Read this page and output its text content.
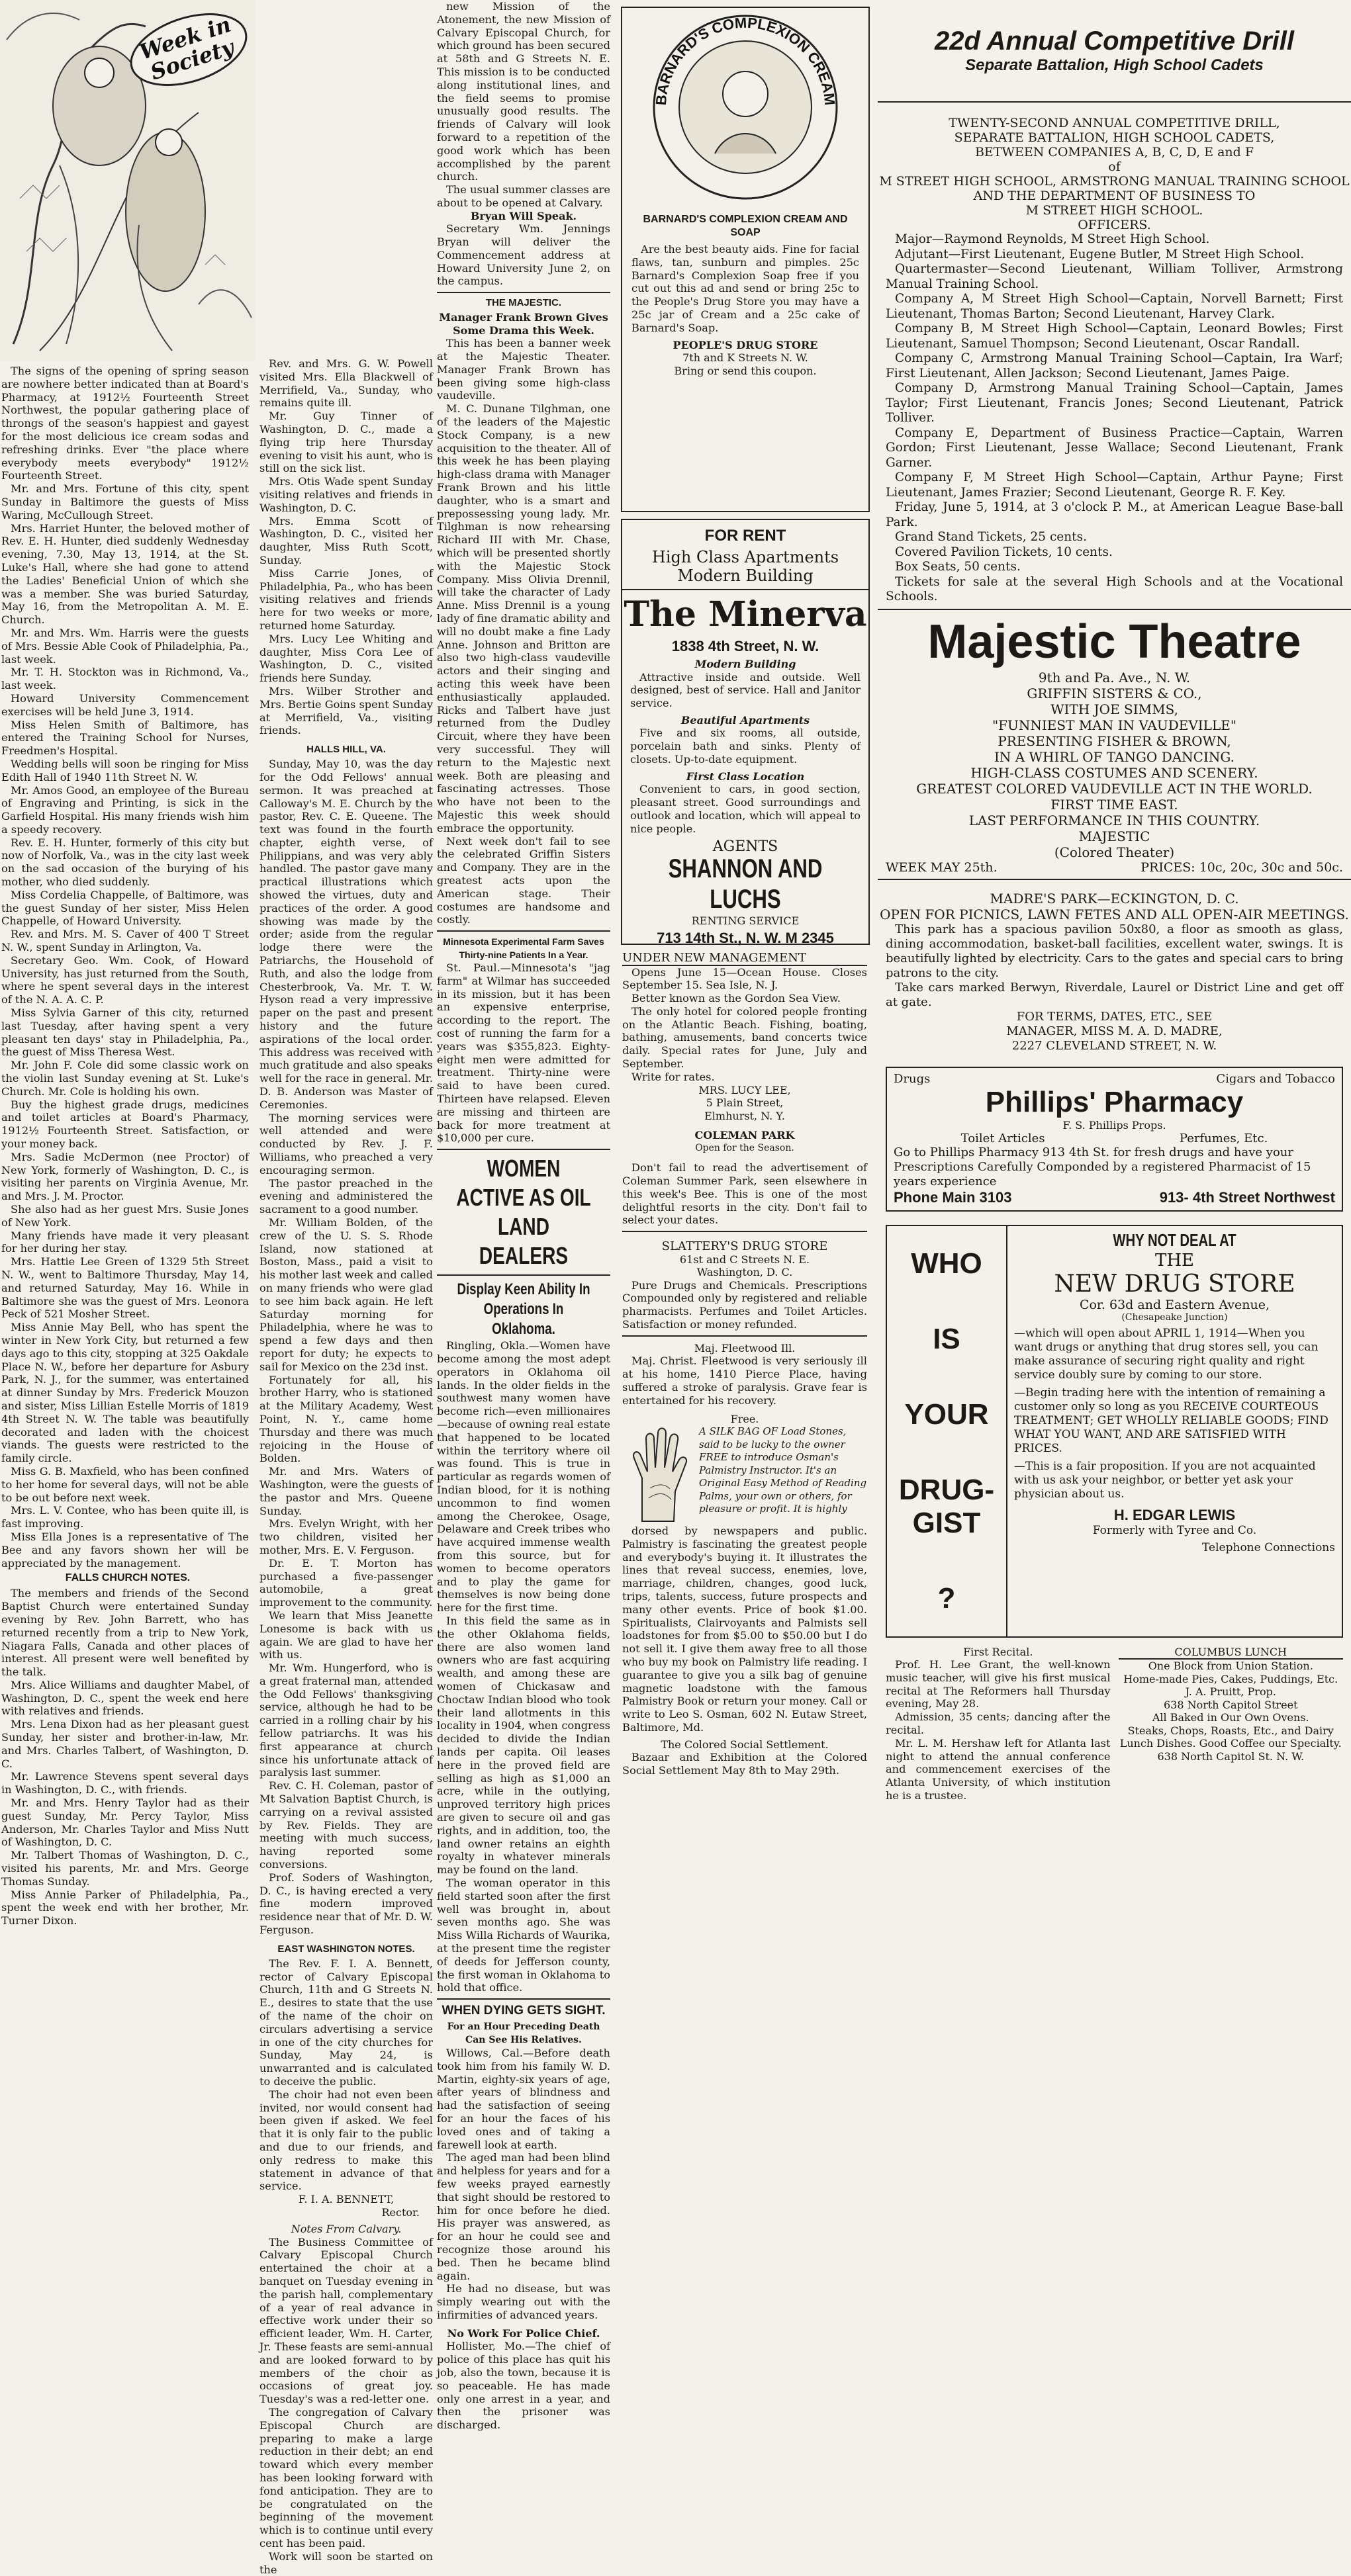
Week in Society

The signs of the opening of spring season are nowhere better indicated than at Board's Pharmacy, at 1912½ Fourteenth Street Northwest, the popular gathering place of throngs of the season's happiest and gayest for the most delicious ice cream sodas and refreshing drinks. Ever "the place where everybody meets everybody" 1912½ Fourteenth Street.

Mr. and Mrs. Fortune of this city, spent Sunday in Baltimore the guests of Miss Waring, McCullough Street.

Mrs. Harriet Hunter, the beloved mother of Rev. E. H. Hunter, died suddenly Wednesday evening, 7.30, May 13, 1914, at the St. Luke's Hall, where she had gone to attend the Ladies' Beneficial Union of which she was a member. She was buried Saturday, May 16, from the Metropolitan A. M. E. Church.

Mr. and Mrs. Wm. Harris were the guests of Mrs. Bessie Able Cook of Philadelphia, Pa., last week.

Mr. T. H. Stockton was in Richmond, Va., last week.

Howard University Commencement exercises will be held June 3, 1914.

Miss Helen Smith of Baltimore, has entered the Training School for Nurses, Freedmen's Hospital.

Wedding bells will soon be ringing for Miss Edith Hall of 1940 11th Street N. W.

Mr. Amos Good, an employee of the Bureau of Engraving and Printing, is sick in the Garfield Hospital. His many friends wish him a speedy recovery.

Rev. E. H. Hunter, formerly of this city but now of Norfolk, Va., was in the city last week on the sad occasion of the burying of his mother, who died suddenly.

Miss Cordelia Chappelle, of Baltimore, was the guest Sunday of her sister, Miss Helen Chappelle, of Howard University.

Rev. and Mrs. M. S. Caver of 400 T Street N. W., spent Sunday in Arlington, Va.

Secretary Geo. Wm. Cook, of Howard University, has just returned from the South, where he spent several days in the interest of the N. A. A. C. P.

Miss Sylvia Garner of this city, returned last Tuesday, after having spent a very pleasant ten days' stay in Philadelphia, Pa., the guest of Miss Theresa West.

Mr. John F. Cole did some classic work on the violin last Sunday evening at St. Luke's Church. Mr. Cole is holding his own.

Buy the highest grade drugs, medicines and toilet articles at Board's Pharmacy, 1912½ Fourteenth Street. Satisfaction, or your money back.

Mrs. Sadie McDermon (nee Proctor) of New York, formerly of Washington, D. C., is visiting her parents on Virginia Avenue, Mr. and Mrs. J. M. Proctor.

She also had as her guest Mrs. Susie Jones of New York.

Many friends have made it very pleasant for her during her stay.

Mrs. Hattie Lee Green of 1329 5th Street N. W., went to Baltimore Thursday, May 14, and returned Saturday, May 16. While in Baltimore she was the guest of Mrs. Leonora Peck of 521 Mosher Street.

Miss Annie May Bell, who has spent the winter in New York City, but returned a few days ago to this city, stopping at 325 Oakdale Place N. W., before her departure for Asbury Park, N. J., for the summer, was entertained at dinner Sunday by Mrs. Frederick Mouzon and sister, Miss Lillian Estelle Morris of 1819 4th Street N. W. The table was beautifully decorated and laden with the choicest viands. The guests were restricted to the family circle.

Miss G. B. Maxfield, who has been confined to her home for several days, will not be able to be out before next week.

Mrs. L. V. Contee, who has been quite ill, is fast improving.

Miss Ella Jones is a representative of The Bee and any favors shown her will be appreciated by the management.

FALLS CHURCH NOTES.

The members and friends of the Second Baptist Church were entertained Sunday evening by Rev. John Barrett, who has returned recently from a trip to New York, Niagara Falls, Canada and other places of interest. All present were well benefited by the talk.

Mrs. Alice Williams and daughter Mabel, of Washington, D. C., spent the week end here with relatives and friends.

Mrs. Lena Dixon had as her pleasant guest Sunday, her sister and brother-in-law, Mr. and Mrs. Charles Talbert, of Washington, D. C.

Mr. Lawrence Stevens spent several days in Washington, D. C., with friends.

Mr. and Mrs. Henry Taylor had as their guest Sunday, Mr. Percy Taylor, Miss Anderson, Mr. Charles Taylor and Miss Nutt of Washington, D. C.

Mr. Talbert Thomas of Washington, D. C., visited his parents, Mr. and Mrs. George Thomas Sunday.

Miss Annie Parker of Philadelphia, Pa., spent the week end with her brother, Mr. Turner Dixon.

Rev. and Mrs. G. W. Powell visited Mrs. Ella Blackwell of Merrifield, Va., Sunday, who remains quite ill.

Mr. Guy Tinner of Washington, D. C., made a flying trip here Thursday evening to visit his aunt, who is still on the sick list.

Mrs. Otis Wade spent Sunday visiting relatives and friends in Washington, D. C.

Mrs. Emma Scott of Washington, D. C., visited her daughter, Miss Ruth Scott, Sunday.

Miss Carrie Jones, of Philadelphia, Pa., who has been visiting relatives and friends here for two weeks or more, returned home Saturday.

Mrs. Lucy Lee Whiting and daughter, Miss Cora Lee of Washington, D. C., visited friends here Sunday.

Mrs. Wilber Strother and Mrs. Bertie Goins spent Sunday at Merrifield, Va., visiting friends.

HALLS HILL, VA.

Sunday, May 10, was the day for the Odd Fellows' annual sermon. It was preached at Calloway's M. E. Church by the pastor, Rev. C. E. Queene. The text was found in the fourth chapter, eighth verse, of Philippians, and was very ably handled. The pastor gave many practical illustrations which showed the virtues, duty and practices of the order. A good showing was made by the order; aside from the regular lodge there were the Patriarchs, the Household of Ruth, and also the lodge from Chesterbrook, Va. Mr. T. W. Hyson read a very impressive paper on the past and present history and the future aspirations of the local order. This address was received with much gratitude and also speaks well for the race in general. Mr. D. B. Anderson was Master of Ceremonies.

The morning services were well attended and were conducted by Rev. J. F. Williams, who preached a very encouraging sermon.

The pastor preached in the evening and administered the sacrament to a good number.

Mr. William Bolden, of the crew of the U. S. S. Rhode Island, now stationed at Boston, Mass., paid a visit to his mother last week and called on many friends who were glad to see him back again. He left Saturday morning for Philadelphia, where he was to spend a few days and then report for duty; he expects to sail for Mexico on the 23d inst.

Fortunately for all, his brother Harry, who is stationed at the Military Academy, West Point, N. Y., came home Thursday and there was much rejoicing in the House of Bolden.

Mr. and Mrs. Waters of Washington, were the guests of the pastor and Mrs. Queene Sunday.

Mrs. Evelyn Wright, with her two children, visited her mother, Mrs. E. V. Ferguson.

Dr. E. T. Morton has purchased a five-passenger automobile, a great improvement to the community.

We learn that Miss Jeanette Lonesome is back with us again. We are glad to have her with us.

Mr. Wm. Hungerford, who is a great fraternal man, attended the Odd Fellows' thanksgiving service, although he had to be carried in a rolling chair by his fellow patriarchs. It was his first appearance at church since his unfortunate attack of paralysis last summer.

Rev. C. H. Coleman, pastor of Mt Salvation Baptist Church, is carrying on a revival assisted by Rev. Fields. They are meeting with much success, having reported some conversions.

Prof. Soders of Washington, D. C., is having erected a very fine modern improved residence near that of Mr. D. W. Ferguson.

EAST WASHINGTON NOTES.

The Rev. F. I. A. Bennett, rector of Calvary Episcopal Church, 11th and G Streets N. E., desires to state that the use of the name of the choir on circulars advertising a service in one of the city churches for Sunday, May 24, is unwarranted and is calculated to deceive the public.

The choir had not even been invited, nor would consent had been given if asked. We feel that it is only fair to the public and due to our friends, and only redress to make this statement in advance of that service.

F. I. A. BENNETT,
Rector.
Notes From Calvary.

The Business Committee of Calvary Episcopal Church entertained the choir at a banquet on Tuesday evening in the parish hall, complementary of a year of real advance in effective work under their so efficient leader, Wm. H. Carter, Jr. These feasts are semi-annual and are looked forward to by members of the choir as occasions of great joy. Tuesday's was a red-letter one.

The congregation of Calvary Episcopal Church are preparing to make a large reduction in their debt; an end toward which every member has been looking forward with fond anticipation. They are to be congratulated on the beginning of the movement which is to continue until every cent has been paid.

Work will soon be started on the

new Mission of the Atonement, the new Mission of Calvary Episcopal Church, for which ground has been secured at 58th and G Streets N. E. This mission is to be conducted along institutional lines, and the field seems to promise unusually good results. The friends of Calvary will look forward to a repetition of the good work which has been accomplished by the parent church.

The usual summer classes are about to be opened at Calvary.

Bryan Will Speak.

Secretary Wm. Jennings Bryan will deliver the Commencement address at Howard University June 2, on the campus.

THE MAJESTIC.
Manager Frank Brown Gives Some Drama this Week.

This has been a banner week at the Majestic Theater. Manager Frank Brown has been giving some high-class vaudeville.

M. C. Dunane Tilghman, one of the leaders of the Majestic Stock Company, is a new acquisition to the theater. All of this week he has been playing high-class drama with Manager Frank Brown and his little daughter, who is a smart and prepossessing young lady. Mr. Tilghman is now rehearsing Richard III with Mr. Chase, which will be presented shortly with the Majestic Stock Company. Miss Olivia Drennil, will take the character of Lady Anne. Miss Drennil is a young lady of fine dramatic ability and will no doubt make a fine Lady Anne. Johnson and Britton are also two high-class vaudeville actors and their singing and acting this week have been enthusiastically applauded. Ricks and Talbert have just returned from the Dudley Circuit, where they have been very successful. They will return to the Majestic next week. Both are pleasing and fascinating actresses. Those who have not been to the Majestic this week should embrace the opportunity.

Next week don't fail to see the celebrated Griffin Sisters and Company. They are in the greatest acts upon the American stage. Their costumes are handsome and costly.

Minnesota Experimental Farm Saves Thirty-nine Patients In a Year.

St. Paul.—Minnesota's "jag farm" at Wilmar has succeeded in its mission, but it has been an expensive enterprise, according to the report. The cost of running the farm for a years was $355,823. Eighty-eight men were admitted for treatment. Thirty-nine were said to have been cured. Thirteen have relapsed. Eleven are missing and thirteen are back for more treatment at $10,000 per cure.

WOMEN ACTIVE AS OIL LAND DEALERS
Display Keen Ability In Operations In Oklahoma.

Ringling, Okla.—Women have become among the most adept operators in Oklahoma oil lands. In the older fields in the southwest many women have become rich—even millionaires—because of owning real estate that happened to be located within the territory where oil was found. This is true in particular as regards women of Indian blood, for it is nothing uncommon to find women among the Cherokee, Osage, Delaware and Creek tribes who have acquired immense wealth from this source, but for women to become operators and to play the game for themselves is now being done here for the first time.

In this field the same as in the other Oklahoma fields, there are also women land owners who are fast acquiring wealth, and among these are women of Chickasaw and Choctaw Indian blood who took their land allotments in this locality in 1904, when congress decided to divide the Indian lands per capita. Oil leases here in the proved field are selling as high as $1,000 an acre, while in the outlying, unproved territory high prices are given to secure oil and gas rights, and in addition, too, the land owner retains an eighth royalty in whatever minerals may be found on the land.

The woman operator in this field started soon after the first well was brought in, about seven months ago. She was Miss Willa Richards of Waurika, at the present time the register of deeds for Jefferson county, the first woman in Oklahoma to hold that office.

WHEN DYING GETS SIGHT.
For an Hour Preceding Death Can See His Relatives.

Willows, Cal.—Before death took him from his family W. D. Martin, eighty-six years of age, after years of blindness and had the satisfaction of seeing for an hour the faces of his loved ones and of taking a farewell look at earth.

The aged man had been blind and helpless for years and for a few weeks prayed earnestly that sight should be restored to him for once before he died. His prayer was answered, as for an hour he could see and recognize those around his bed. Then he became blind again.

He had no disease, but was simply wearing out with the infirmities of advanced years.

No Work For Police Chief.

Hollister, Mo.—The chief of police of this place has quit his job, also the town, because it is so peaceable. He has made only one arrest in a year, and then the prisoner was discharged.

BARNARD'S COMPLEXION CREAM
BARNARD'S COMPLEXION CREAM AND SOAP

Are the best beauty aids. Fine for facial flaws, tan, sunburn and pimples. 25c Barnard's Complexion Soap free if you cut out this ad and send or bring 25c to the People's Drug Store you may have a 25c jar of Cream and a 25c cake of Barnard's Soap.

PEOPLE'S DRUG STORE
7th and K Streets N. W.
Bring or send this coupon.
FOR RENT
High Class Apartments
Modern Building
The Minerva
1838 4th Street, N. W.
Modern Building

Attractive inside and outside. Well designed, best of service. Hall and Janitor service.

Beautiful Apartments

Five and six rooms, all outside, porcelain bath and sinks. Plenty of closets. Up-to-date equipment.

First Class Location

Convenient to cars, in good section, pleasant street. Good surroundings and outlook and location, which will appeal to nice people.

AGENTS
SHANNON AND LUCHS
RENTING SERVICE
713 14th St., N. W. M 2345
UNDER NEW MANAGEMENT

Opens June 15—Ocean House. Closes September 15. Sea Isle, N. J.

Better known as the Gordon Sea View.

The only hotel for colored people fronting on the Atlantic Beach. Fishing, boating, bathing, amusements, band concerts twice daily. Special rates for June, July and September.

Write for rates.

MRS. LUCY LEE,
5 Plain Street,
Elmhurst, N. Y.
COLEMAN PARK
Open for the Season.

Don't fail to read the advertisement of Coleman Summer Park, seen elsewhere in this week's Bee. This is one of the most delightful resorts in the city. Don't fail to select your dates.

SLATTERY'S DRUG STORE
61st and C Streets N. E.
Washington, D. C.

Pure Drugs and Chemicals. Prescriptions Compounded only by registered and reliable pharmacists. Perfumes and Toilet Articles. Satisfaction or money refunded.

Maj. Fleetwood Ill.

Maj. Christ. Fleetwood is very seriously ill at his home, 1410 Pierce Place, having suffered a stroke of paralysis. Grave fear is entertained for his recovery.

Free.

A SILK BAG OF Load Stones, said to be lucky to the owner FREE to introduce Osman's Palmistry Instructor. It's an Original Easy Method of Reading Palms, your own or others, for pleasure or profit. It is highly

dorsed by newspapers and public. Palmistry is fascinating the greatest people and everybody's buying it. It illustrates the lines that reveal success, enemies, love, marriage, children, changes, good luck, trips, talents, success, future prospects and many other events. Price of book $1.00. Spiritualists, Clairvoyants and Palmists sell loadstones for from $5.00 to $50.00 but I do not sell it. I give them away free to all those who buy my book on Palmistry life reading. I guarantee to give you a silk bag of genuine magnetic loadstone with the famous Palmistry Book or return your money. Call or write to Leo S. Osman, 602 N. Eutaw Street, Baltimore, Md.

The Colored Social Settlement.

Bazaar and Exhibition at the Colored Social Settlement May 8th to May 29th.

22d Annual Competitive Drill
Separate Battalion, High School Cadets
TWENTY-SECOND ANNUAL COMPETITIVE DRILL,
SEPARATE BATTALION, HIGH SCHOOL CADETS,
BETWEEN COMPANIES A, B, C, D, E and F
of
M STREET HIGH SCHOOL, ARMSTRONG MANUAL TRAINING SCHOOL AND THE DEPARTMENT OF BUSINESS TO
M STREET HIGH SCHOOL.
OFFICERS.

Major—Raymond Reynolds, M Street High School.

Adjutant—First Lieutenant, Eugene Butler, M Street High School.

Quartermaster—Second Lieutenant, William Tolliver, Armstrong Manual Training School.

Company A, M Street High School—Captain, Norvell Barnett; First Lieutenant, Thomas Barton; Second Lieutenant, Harvey Clark.

Company B, M Street High School—Captain, Leonard Bowles; First Lieutenant, Samuel Thompson; Second Lieutenant, Oscar Randall.

Company C, Armstrong Manual Training School—Captain, Ira Warf; First Lieutenant, Allen Jackson; Second Lieutenant, James Paige.

Company D, Armstrong Manual Training School—Captain, James Taylor; First Lieutenant, Francis Jones; Second Lieutenant, Patrick Tolliver.

Company E, Department of Business Practice—Captain, Warren Gordon; First Lieutenant, Jesse Wallace; Second Lieutenant, Frank Garner.

Company F, M Street High School—Captain, Arthur Payne; First Lieutenant, James Frazier; Second Lieutenant, George R. F. Key.

Friday, June 5, 1914, at 3 o'clock P. M., at American League Base-ball Park.

Grand Stand Tickets, 25 cents.

Covered Pavilion Tickets, 10 cents.

Box Seats, 50 cents.

Tickets for sale at the several High Schools and at the Vocational Schools.

Majestic Theatre
9th and Pa. Ave., N. W.
GRIFFIN SISTERS & CO.,
WITH JOE SIMMS,
"FUNNIEST MAN IN VAUDEVILLE"
PRESENTING FISHER & BROWN,
IN A WHIRL OF TANGO DANCING.
HIGH-CLASS COSTUMES AND SCENERY.
GREATEST COLORED VAUDEVILLE ACT IN THE WORLD.
FIRST TIME EAST.
LAST PERFORMANCE IN THIS COUNTRY.
MAJESTIC
(Colored Theater)
WEEK MAY 25th.	PRICES: 10c, 20c, 30c and 50c.
MADRE'S PARK—ECKINGTON, D. C.
OPEN FOR PICNICS, LAWN FETES AND ALL OPEN-AIR MEETINGS.

This park has a spacious pavilion 50x80, a floor as smooth as glass, dining accommodation, basket-ball facilities, excellent water, swings. It is beautifully lighted by electricity. Cars to the gates and special cars to bring patrons to the city.

Take cars marked Berwyn, Riverdale, Laurel or District Line and get off at gate.

FOR TERMS, DATES, ETC., SEE
MANAGER, MISS M. A. D. MADRE,
2227 CLEVELAND STREET, N. W.
Drugs	Cigars and Tobacco
Phillips' Pharmacy
F. S. Phillips Props.
Toilet Articles	Perfumes, Etc.

Go to Phillips Pharmacy 913 4th St. for fresh drugs and have your Prescriptions Carefully Componded by a registered Pharmacist of 15 years experience

Phone Main 3103	913- 4th Street Northwest
WHO
IS
YOUR
DRUG-GIST
?
WHY NOT DEAL AT
THE
NEW DRUG STORE
Cor. 63d and Eastern Avenue,
(Chesapeake Junction)

—which will open about APRIL 1, 1914—When you want drugs or anything that drug stores sell, you can make assurance of securing right quality and right service doubly sure by coming to our store.

—Begin trading here with the intention of remaining a customer only so long as you RECEIVE COURTEOUS TREATMENT; GET WHOLLY RELIABLE GOODS; FIND WHAT YOU WANT, AND ARE SATISFIED WITH PRICES.

—This is a fair proposition. If you are not acquainted with us ask your neighbor, or better yet ask your physician about us.

H. EDGAR LEWIS
Formerly with Tyree and Co.
Telephone Connections
First Recital.

Prof. H. Lee Grant, the well-known music teacher, will give his first musical recital at The Reformers hall Thursday evening, May 28.

Admission, 35 cents; dancing after the recital.

Mr. L. M. Hershaw left for Atlanta last night to attend the annual conference and commencement exercises of the Atlanta University, of which institution he is a trustee.

COLUMBUS LUNCH
One Block from Union Station.
Home-made Pies, Cakes, Puddings, Etc.
J. A. Pruitt, Prop.
638 North Capitol Street
All Baked in Our Own Ovens.
Steaks, Chops, Roasts, Etc., and Dairy Lunch Dishes. Good Coffee our Specialty.
638 North Capitol St. N. W.
